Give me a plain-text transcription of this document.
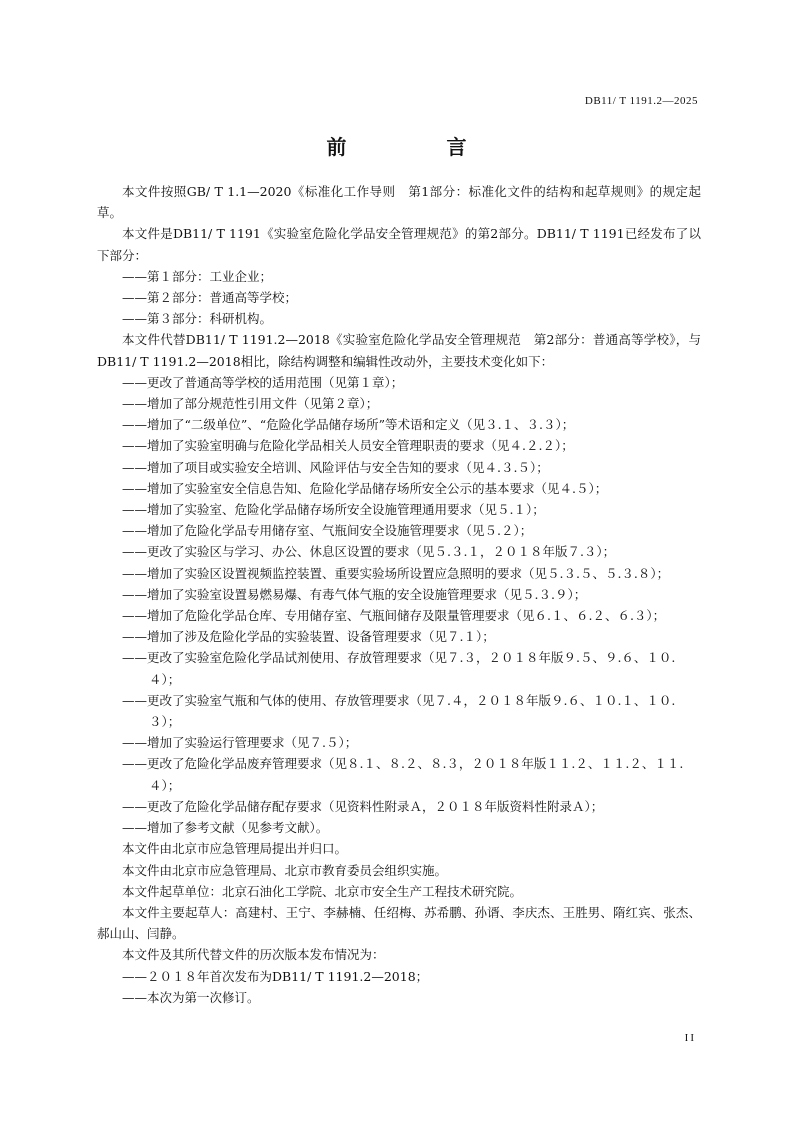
DB11/ T 1191.2—2025
前　言

本文件按照GB/ T 1.1—2020《标准化工作导则　第1部分：标准化文件的结构和起草规则》的规定起草。

本文件是DB11/ T 1191《实验室危险化学品安全管理规范》的第2部分。DB11/ T 1191已经发布了以下部分：

——第１部分：工业企业；

——第２部分：普通高等学校；

——第３部分：科研机构。

本文件代替DB11/ T 1191.2—2018《实验室危险化学品安全管理规范　第2部分：普通高等学校》，与DB11/ T 1191.2—2018相比，除结构调整和编辑性改动外，主要技术变化如下：

——更改了普通高等学校的适用范围（见第１章）；

——增加了部分规范性引用文件（见第２章）；

——增加了“二级单位”、“危险化学品储存场所”等术语和定义（见３.１、３.３）；

——增加了实验室明确与危险化学品相关人员安全管理职责的要求（见４.２.２）；

——增加了项目或实验安全培训、风险评估与安全告知的要求（见４.３.５）；

——增加了实验室安全信息告知、危险化学品储存场所安全公示的基本要求（见４.５）；

——增加了实验室、危险化学品储存场所安全设施管理通用要求（见５.１）；

——增加了危险化学品专用储存室、气瓶间安全设施管理要求（见５.２）；

——更改了实验区与学习、办公、休息区设置的要求（见５.３.１，２０１８年版７.３）；

——增加了实验区设置视频监控装置、重要实验场所设置应急照明的要求（见５.３.５、５.３.８）；

——增加了实验室设置易燃易爆、有毒气体气瓶的安全设施管理要求（见５.３.９）；

——增加了危险化学品仓库、专用储存室、气瓶间储存及限量管理要求（见６.１、６.２、６.３）；

——增加了涉及危险化学品的实验装置、设备管理要求（见７.１）；

——更改了实验室危险化学品试剂使用、存放管理要求（见７.３，２０１８年版９.５、９.６、１０.４）；

——更改了实验室气瓶和气体的使用、存放管理要求（见７.４，２０１８年版９.６、１０.１、１０.３）；

——增加了实验运行管理要求（见７.５）；

——更改了危险化学品废弃管理要求（见８.１、８.２、８.３，２０１８年版１１.２、１１.２、１１.４）；

——更改了危险化学品储存配存要求（见资料性附录Ａ，２０１８年版资料性附录Ａ）；

——增加了参考文献（见参考文献）。

本文件由北京市应急管理局提出并归口。

本文件由北京市应急管理局、北京市教育委员会组织实施。

本文件起草单位：北京石油化工学院、北京市安全生产工程技术研究院。

本文件主要起草人：高建村、王宁、李赫楠、任绍梅、苏希鹏、孙谞、李庆杰、王胜男、隋红宾、张杰、郝山山、闫静。

本文件及其所代替文件的历次版本发布情况为：

——２０１８年首次发布为DB11/ T 1191.2—2018；

——本次为第一次修订。

II
